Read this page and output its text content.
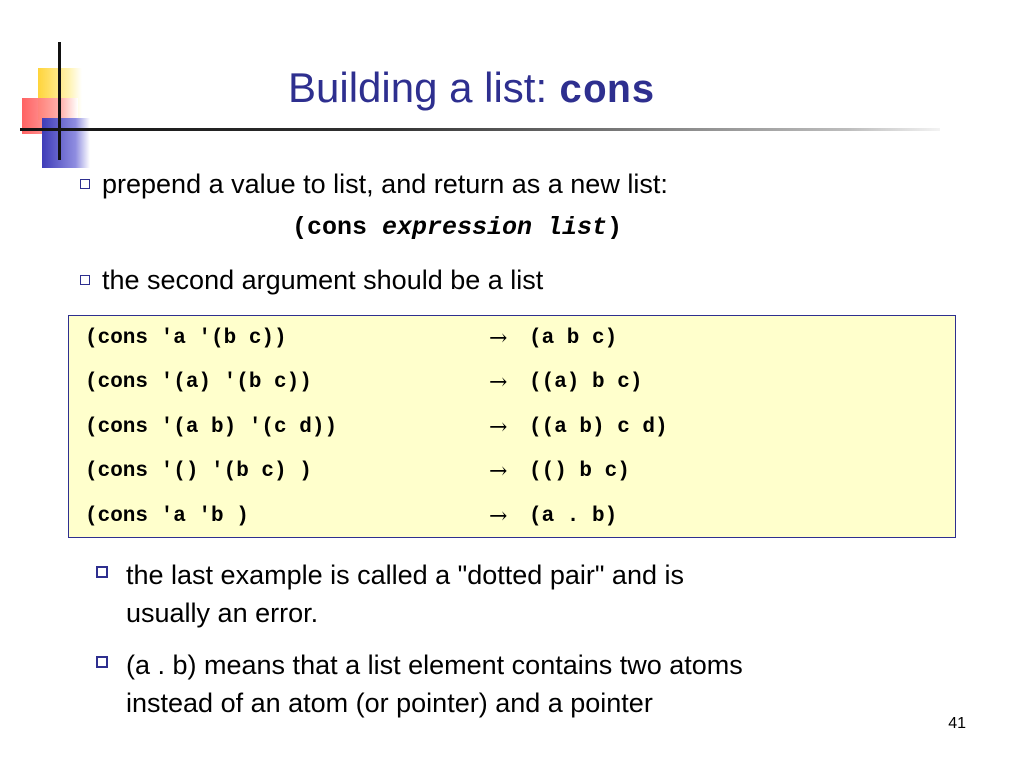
Building a list: cons
prepend a value to list, and return as a new list:
(cons expression list)
the second argument should be a list
(cons 'a '(b c))	→ (a b c)
(cons '(a) '(b c))	→ ((a) b c)
(cons '(a b) '(c d))	→ ((a b) c d)
(cons '() '(b c) )	→ (() b c)
(cons 'a 'b )	→ (a . b)
the last example is called a "dotted pair" and is
usually an error.
(a . b) means that a list element contains two atoms
instead of an atom (or pointer) and a pointer
41
